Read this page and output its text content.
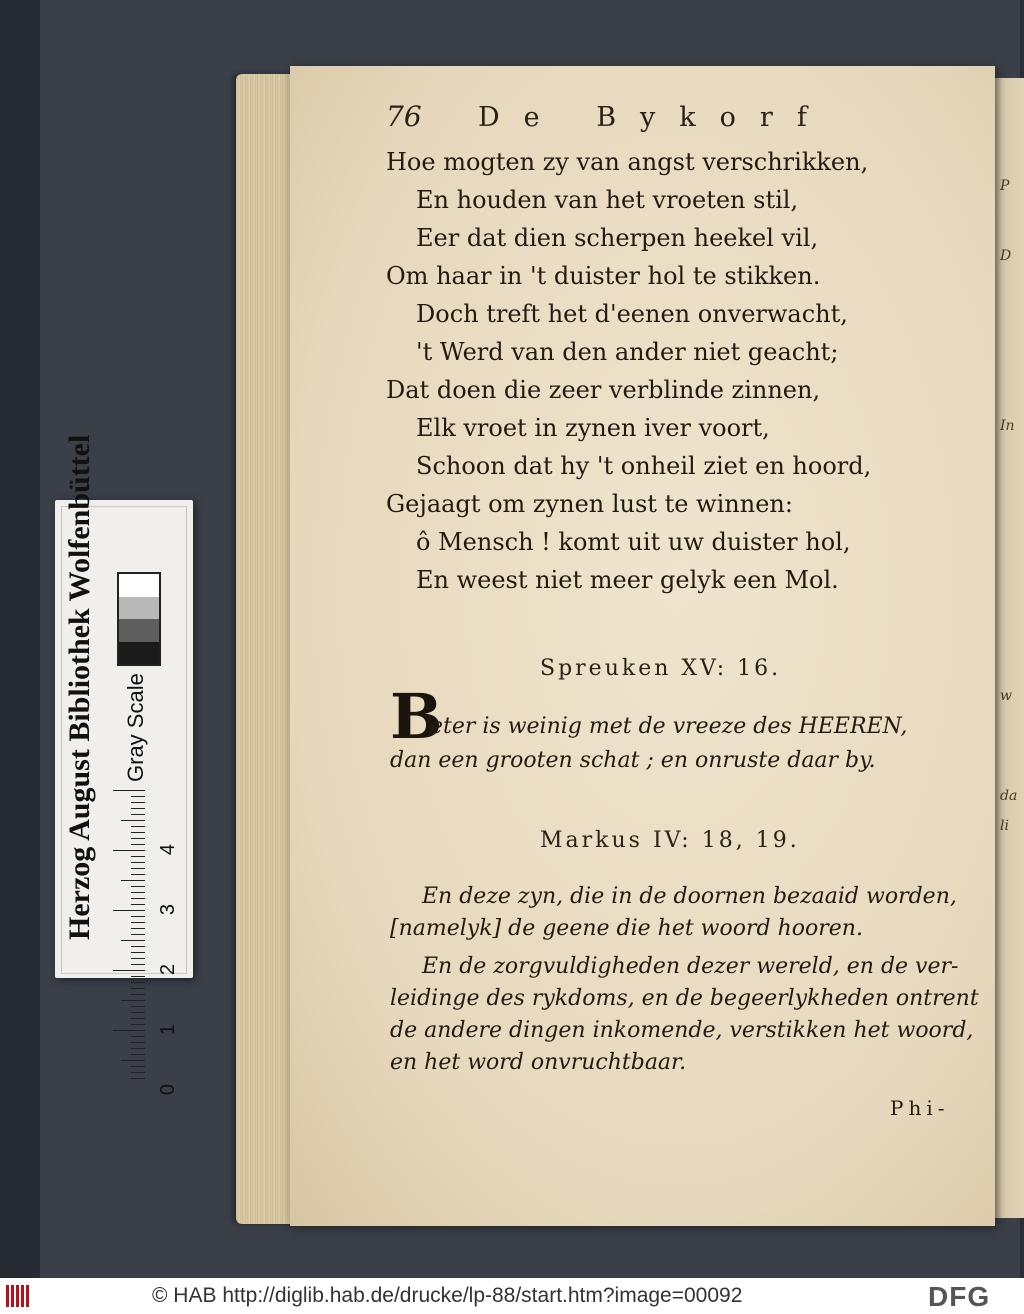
P
D
In
w
da
li
76 De Bykorf
Hoe mogten zy van angst verschrikken,
En houden van het vroeten stil,
Eer dat dien scherpen heekel vil,
Om haar in 't duister hol te stikken.
Doch treft het d'eenen onverwacht,
't Werd van den ander niet geacht;
Dat doen die zeer verblinde zinnen,
Elk vroet in zynen iver voort,
Schoon dat hy 't onheil ziet en hoord,
Gejaagt om zynen lust te winnen:
ô Mensch ! komt uit uw duister hol,
En weest niet meer gelyk een Mol.
Spreuken XV: 16.
B
eter is weinig met de vreeze des HEEREN,
dan een grooten schat ; en onruste daar by.
Markus IV: 18, 19.
En deze zyn, die in de doornen bezaaid worden,
[namelyk] de geene die het woord hooren.
En de zorgvuldigheden dezer wereld, en de ver-
leidinge des rykdoms, en de begeerlykheden ontrent
de andere dingen inkomende, verstikken het woord,
en het word onvruchtbaar.
Phi-
Herzog August Bibliothek Wolfenbüttel Gray Scale
0
1
2
3
4
© HAB http://diglib.hab.de/drucke/lp-88/start.htm?image=00092	DFG
